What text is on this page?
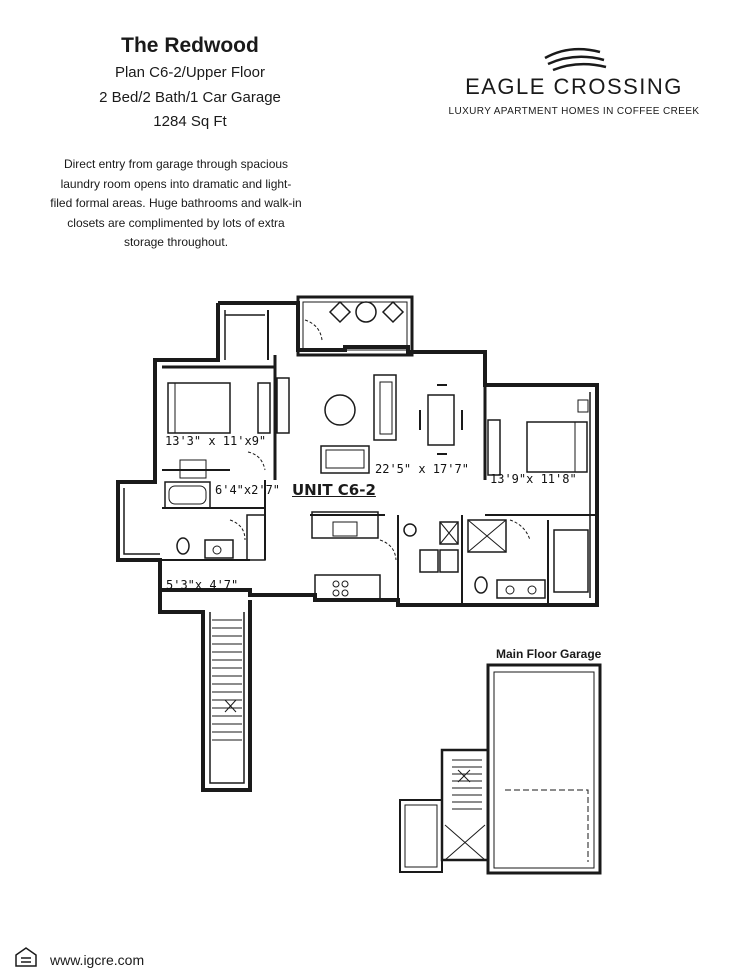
The Redwood
Plan C6-2/Upper Floor
2 Bed/2 Bath/1 Car Garage
1284 Sq Ft
Direct entry from garage through spacious laundry room opens into dramatic and light-filed formal areas. Huge bathrooms and walk-in closets are complimented by lots of extra storage throughout.
EAGLE CROSSING
LUXURY APARTMENT HOMES IN COFFEE CREEK
13'3" x 11'x9"
6'4"x2'7" UNIT C6-2
22'5" x 17'7"
13'9"x 11'8"
5'3"x 4'7"
Main Floor Garage
www.igcre.com
